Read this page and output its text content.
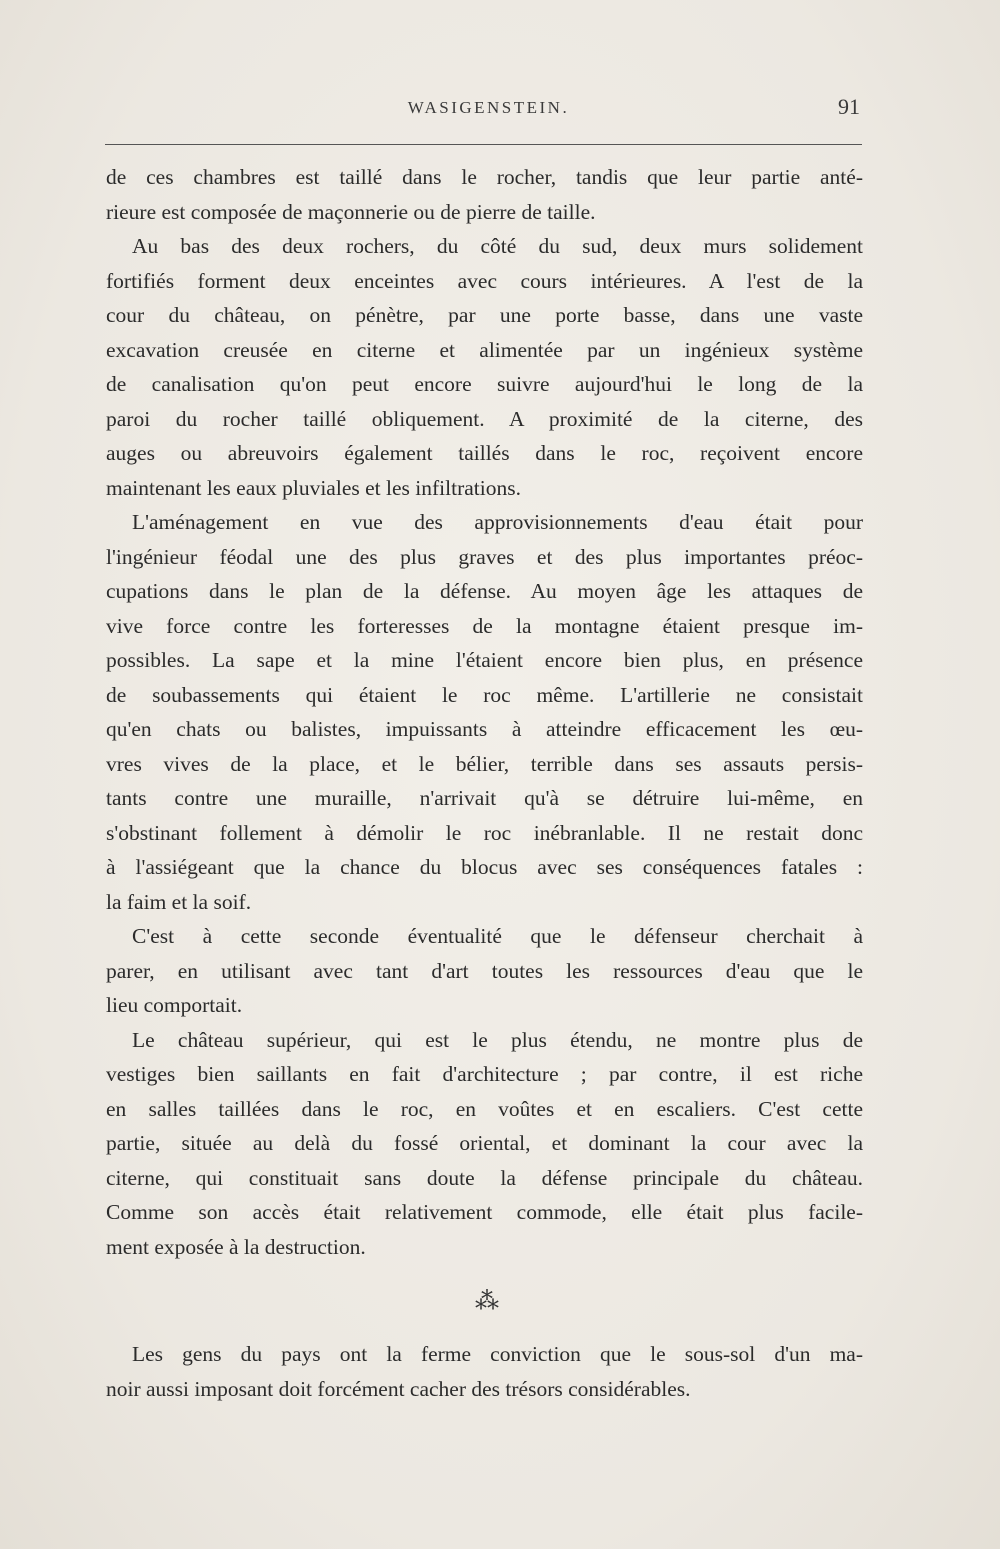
WASIGENSTEIN.	91
de ces chambres est taillé dans le rocher, tandis que leur partie anté-
rieure est composée de maçonnerie ou de pierre de taille.
Au bas des deux rochers, du côté du sud, deux murs solidement
fortifiés forment deux enceintes avec cours intérieures. A l'est de la
cour du château, on pénètre, par une porte basse, dans une vaste
excavation creusée en citerne et alimentée par un ingénieux système
de canalisation qu'on peut encore suivre aujourd'hui le long de la
paroi du rocher taillé obliquement. A proximité de la citerne, des
auges ou abreuvoirs également taillés dans le roc, reçoivent encore
maintenant les eaux pluviales et les infiltrations.
L'aménagement en vue des approvisionnements d'eau était pour
l'ingénieur féodal une des plus graves et des plus importantes préoc-
cupations dans le plan de la défense. Au moyen âge les attaques de
vive force contre les forteresses de la montagne étaient presque im-
possibles. La sape et la mine l'étaient encore bien plus, en présence
de soubassements qui étaient le roc même. L'artillerie ne consistait
qu'en chats ou balistes, impuissants à atteindre efficacement les œu-
vres vives de la place, et le bélier, terrible dans ses assauts persis-
tants contre une muraille, n'arrivait qu'à se détruire lui-même, en
s'obstinant follement à démolir le roc inébranlable. Il ne restait donc
à l'assiégeant que la chance du blocus avec ses conséquences fatales :
la faim et la soif.
C'est à cette seconde éventualité que le défenseur cherchait à
parer, en utilisant avec tant d'art toutes les ressources d'eau que le
lieu comportait.
Le château supérieur, qui est le plus étendu, ne montre plus de
vestiges bien saillants en fait d'architecture ; par contre, il est riche
en salles taillées dans le roc, en voûtes et en escaliers. C'est cette
partie, située au delà du fossé oriental, et dominant la cour avec la
citerne, qui constituait sans doute la défense principale du château.
Comme son accès était relativement commode, elle était plus facile-
ment exposée à la destruction.
⁂
Les gens du pays ont la ferme conviction que le sous-sol d'un ma-
noir aussi imposant doit forcément cacher des trésors considérables.
